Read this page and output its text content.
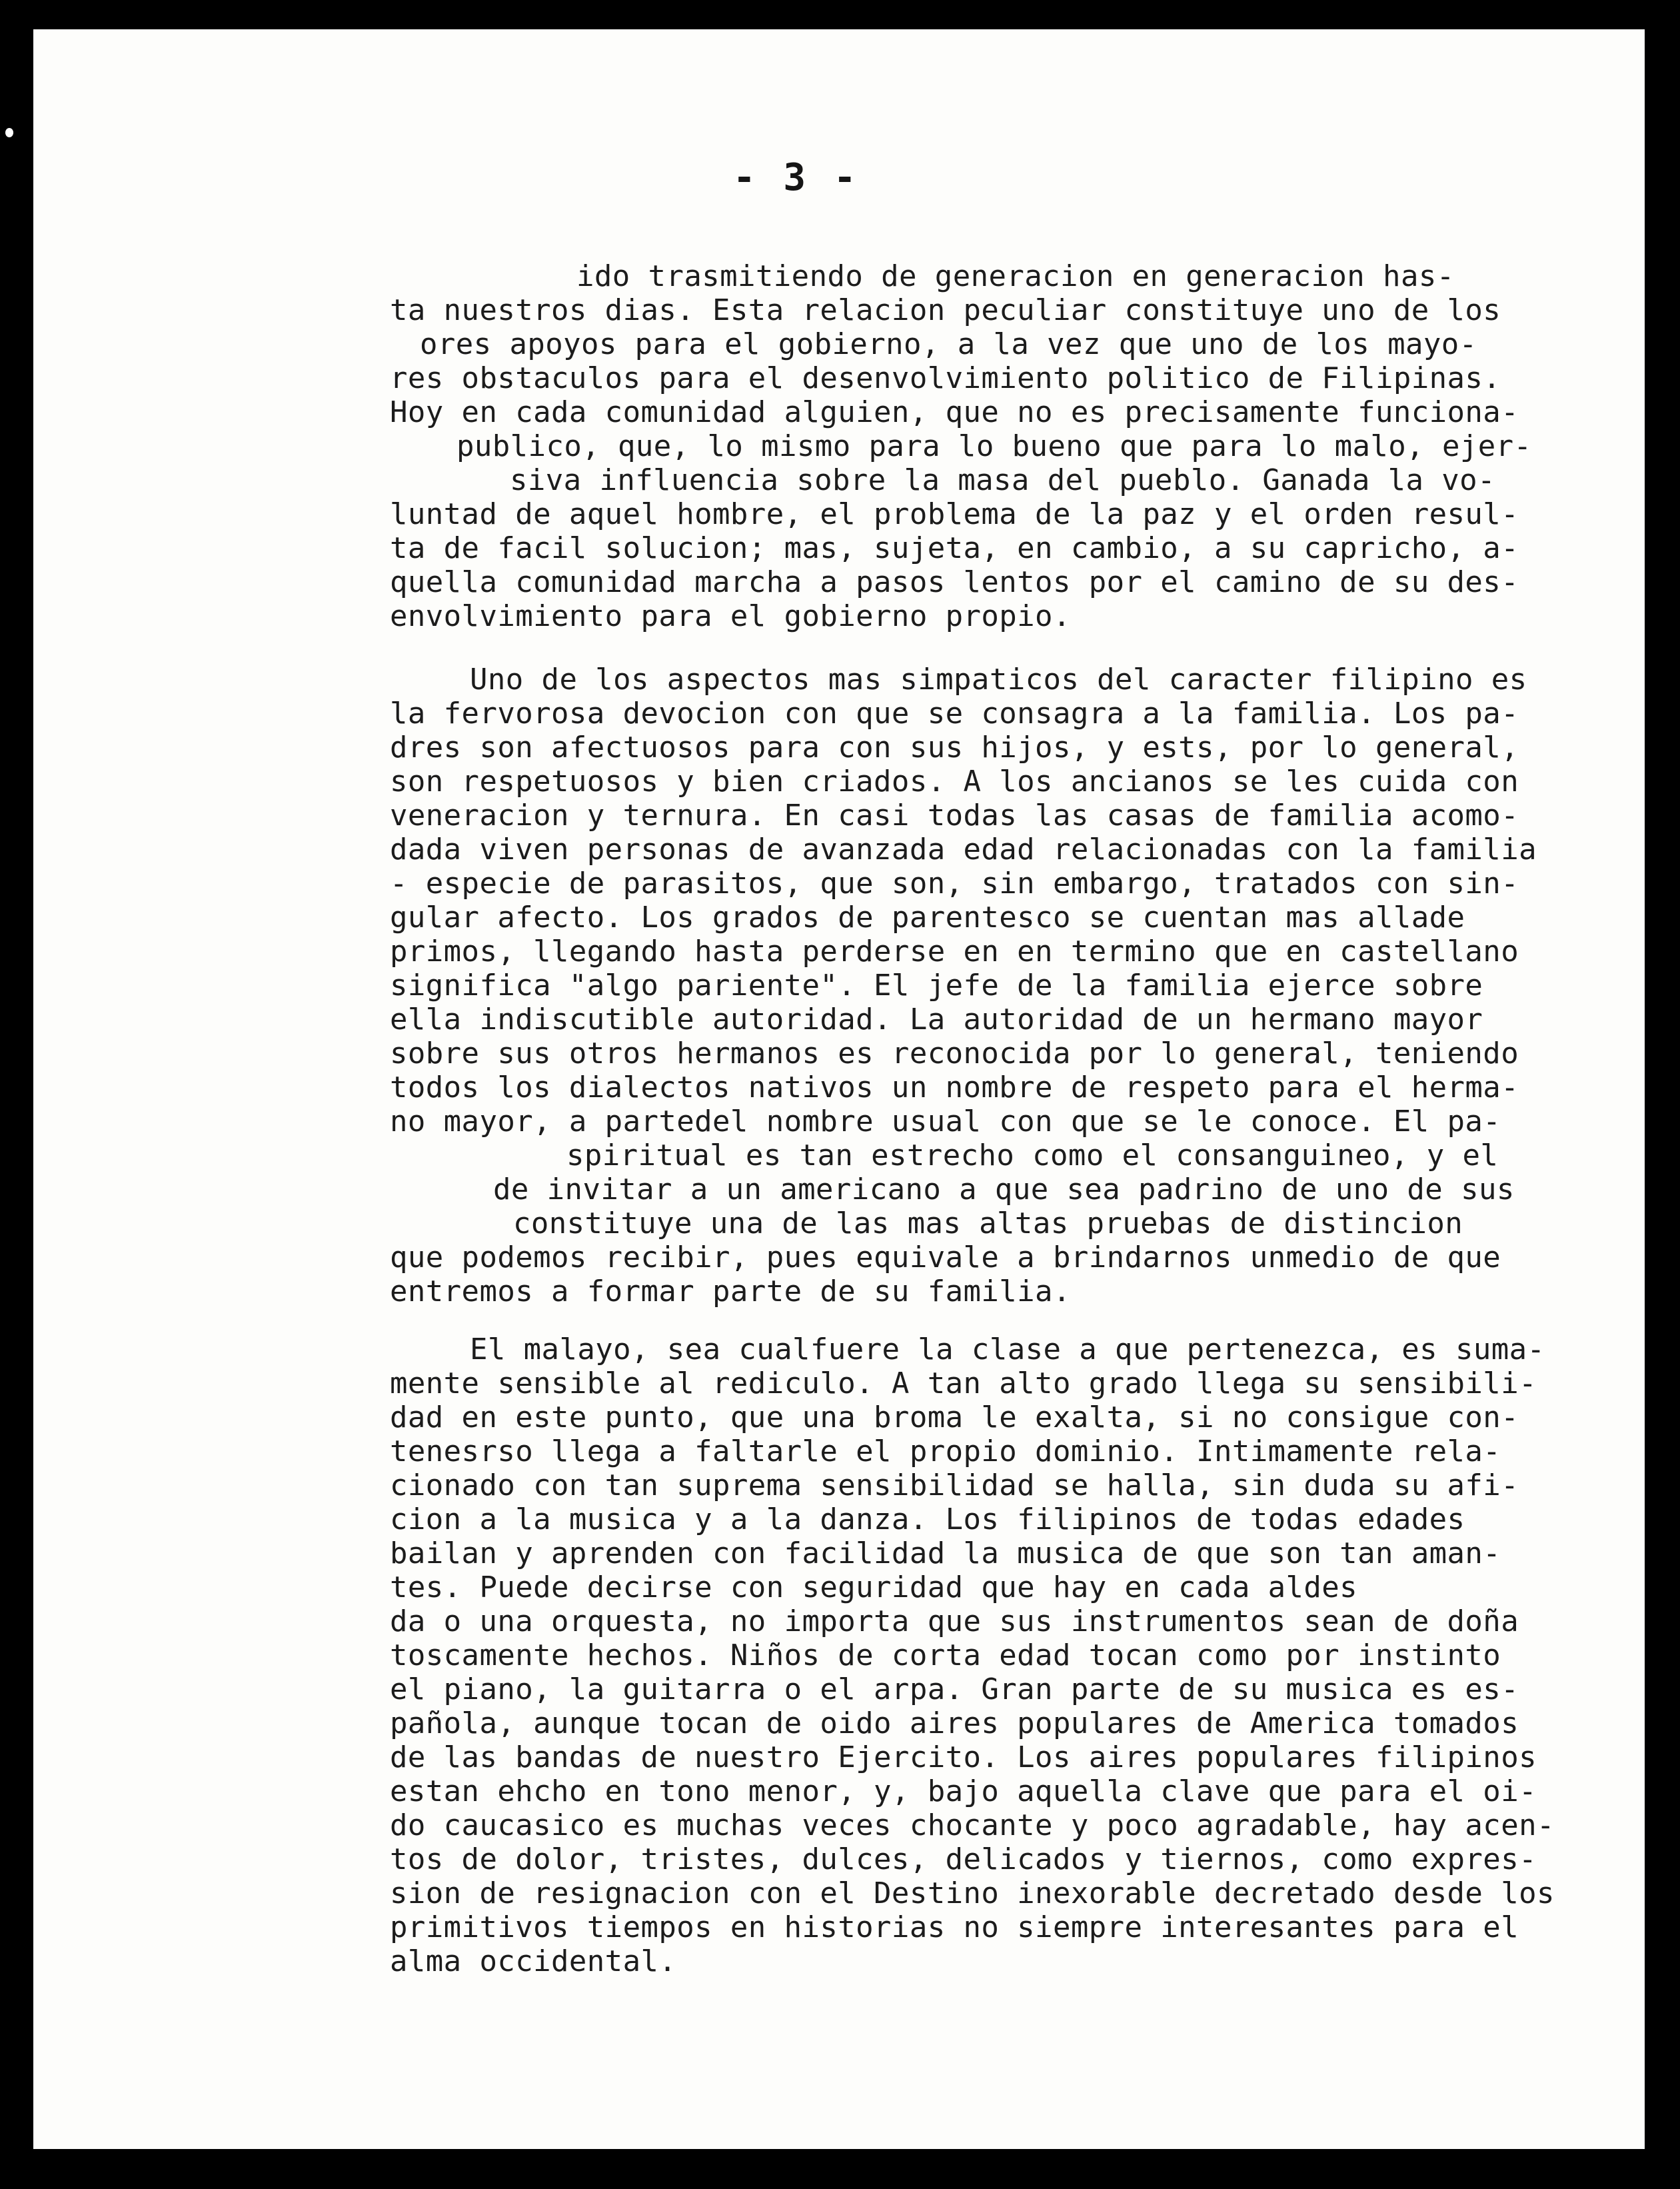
- 3 -
ido trasmitiendo de generacion en generacion has-
ta nuestros dias. Esta relacion peculiar constituye uno de los
ores apoyos para el gobierno, a la vez que uno de los mayo-
res obstaculos para el desenvolvimiento politico de Filipinas.
Hoy en cada comunidad alguien, que no es precisamente funciona-
publico, que, lo mismo para lo bueno que para lo malo, ejer-
siva influencia sobre la masa del pueblo. Ganada la vo-
luntad de aquel hombre, el problema de la paz y el orden resul-
ta de facil solucion; mas, sujeta, en cambio, a su capricho, a-
quella comunidad marcha a pasos lentos por el camino de su des-
envolvimiento para el gobierno propio.
Uno de los aspectos mas simpaticos del caracter filipino es
la fervorosa devocion con que se consagra a la familia. Los pa-
dres son afectuosos para con sus hijos, y ests, por lo general,
son respetuosos y bien criados. A los ancianos se les cuida con
veneracion y ternura. En casi todas las casas de familia acomo-
dada viven personas de avanzada edad relacionadas con la familia
- especie de parasitos, que son, sin embargo, tratados con sin-
gular afecto. Los grados de parentesco se cuentan mas allade
primos, llegando hasta perderse en en termino que en castellano
significa "algo pariente". El jefe de la familia ejerce sobre
ella indiscutible autoridad. La autoridad de un hermano mayor
sobre sus otros hermanos es reconocida por lo general, teniendo
todos los dialectos nativos un nombre de respeto para el herma-
no mayor, a partedel nombre usual con que se le conoce. El pa-
spiritual es tan estrecho como el consanguineo, y el
de invitar a un americano a que sea padrino de uno de sus
constituye una de las mas altas pruebas de distincion
que podemos recibir, pues equivale a brindarnos unmedio de que
entremos a formar parte de su familia.
El malayo, sea cualfuere la clase a que pertenezca, es suma-
mente sensible al rediculo. A tan alto grado llega su sensibili-
dad en este punto, que una broma le exalta, si no consigue con-
tenesrso llega a faltarle el propio dominio. Intimamente rela-
cionado con tan suprema sensibilidad se halla, sin duda su afi-
cion a la musica y a la danza. Los filipinos de todas edades
bailan y aprenden con facilidad la musica de que son tan aman-
tes. Puede decirse con seguridad que hay en cada aldes
da o una orquesta, no importa que sus instrumentos sean de doña
toscamente hechos. Niños de corta edad tocan como por instinto
el piano, la guitarra o el arpa. Gran parte de su musica es es-
pañola, aunque tocan de oido aires populares de America tomados
de las bandas de nuestro Ejercito. Los aires populares filipinos
estan ehcho en tono menor, y, bajo aquella clave que para el oi-
do caucasico es muchas veces chocante y poco agradable, hay acen-
tos de dolor, tristes, dulces, delicados y tiernos, como expres-
sion de resignacion con el Destino inexorable decretado desde los
primitivos tiempos en historias no siempre interesantes para el
alma occidental.
